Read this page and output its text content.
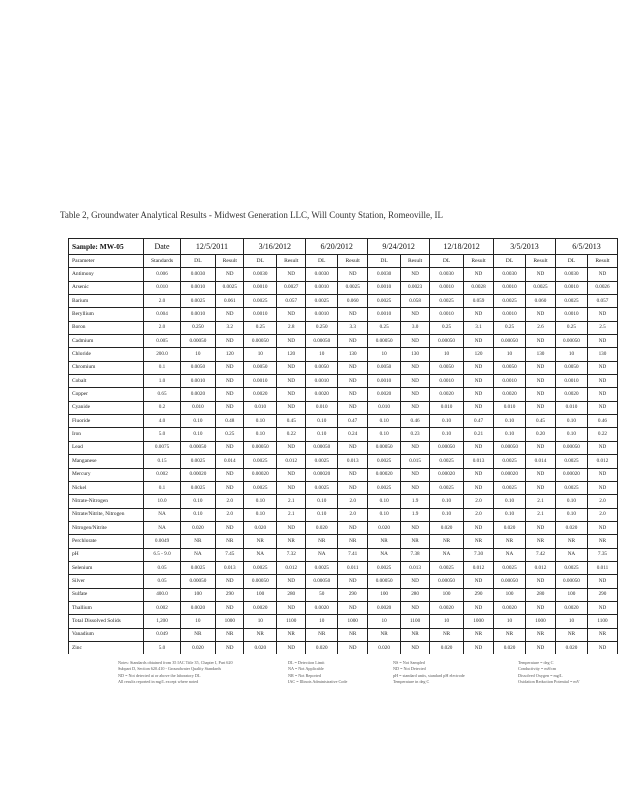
Table 2, Groundwater Analytical Results - Midwest Generation LLC, Will County Station, Romeoville, IL
Sample: MW-05	Date	12/5/2011		3/16/2012		6/20/2012		9/24/2012		12/18/2012		3/5/2013		6/5/2013	
Parameter	Standards	DL	Result	DL	Result	DL	Result	DL	Result	DL	Result	DL	Result	DL	Result
Antimony	0.006	0.0030	ND	0.0030	ND	0.0030	ND	0.0030	ND	0.0030	ND	0.0030	ND	0.0030	ND
Arsenic	0.010	0.0010	0.0025	0.0010	0.0027	0.0010	0.0025	0.0010	0.0023	0.0010	0.0028	0.0010	0.0025	0.0010	0.0026
Barium	2.0	0.0025	0.061	0.0025	0.057	0.0025	0.060	0.0025	0.058	0.0025	0.059	0.0025	0.060	0.0025	0.057
Beryllium	0.004	0.0010	ND	0.0010	ND	0.0010	ND	0.0010	ND	0.0010	ND	0.0010	ND	0.0010	ND
Boron	2.0	0.250	3.2	0.25	2.8	0.250	3.3	0.25	3.0	0.25	3.1	0.25	2.6	0.25	2.5
Cadmium	0.005	0.00050	ND	0.00050	ND	0.00050	ND	0.00050	ND	0.00050	ND	0.00050	ND	0.00050	ND
Chloride	200.0	10	120	10	120	10	130	10	130	10	120	10	130	10	130
Chromium	0.1	0.0050	ND	0.0050	ND	0.0050	ND	0.0050	ND	0.0050	ND	0.0050	ND	0.0050	ND
Cobalt	1.0	0.0010	ND	0.0010	ND	0.0010	ND	0.0010	ND	0.0010	ND	0.0010	ND	0.0010	ND
Copper	0.65	0.0020	ND	0.0020	ND	0.0020	ND	0.0020	ND	0.0020	ND	0.0020	ND	0.0020	ND
Cyanide	0.2	0.010	ND	0.010	ND	0.010	ND	0.010	ND	0.010	ND	0.010	ND	0.010	ND
Fluoride	4.0	0.10	0.48	0.10	0.45	0.10	0.47	0.10	0.46	0.10	0.47	0.10	0.45	0.10	0.46
Iron	5.0	0.10	0.25	0.10	0.22	0.10	0.24	0.10	0.23	0.10	0.21	0.10	0.20	0.10	0.22
Lead	0.0075	0.00050	ND	0.00050	ND	0.00050	ND	0.00050	ND	0.00050	ND	0.00050	ND	0.00050	ND
Manganese	0.15	0.0025	0.014	0.0025	0.012	0.0025	0.013	0.0025	0.015	0.0025	0.013	0.0025	0.014	0.0025	0.012
Mercury	0.002	0.00020	ND	0.00020	ND	0.00020	ND	0.00020	ND	0.00020	ND	0.00020	ND	0.00020	ND
Nickel	0.1	0.0025	ND	0.0025	ND	0.0025	ND	0.0025	ND	0.0025	ND	0.0025	ND	0.0025	ND
Nitrate-Nitrogen	10.0	0.10	2.0	0.10	2.1	0.10	2.0	0.10	1.9	0.10	2.0	0.10	2.1	0.10	2.0
Nitrate/Nitrite, Nitrogen	NA	0.10	2.0	0.10	2.1	0.10	2.0	0.10	1.9	0.10	2.0	0.10	2.1	0.10	2.0
Nitrogen/Nitrite	NA	0.020	ND	0.020	ND	0.020	ND	0.020	ND	0.020	ND	0.020	ND	0.020	ND
Perchlorate	0.0049	NR	NR	NR	NR	NR	NR	NR	NR	NR	NR	NR	NR	NR	NR
pH	6.5 - 9.0	NA	7.45	NA	7.32	NA	7.41	NA	7.38	NA	7.30	NA	7.42	NA	7.35
Selenium	0.05	0.0025	0.013	0.0025	0.012	0.0025	0.011	0.0025	0.013	0.0025	0.012	0.0025	0.012	0.0025	0.011
Silver	0.05	0.00050	ND	0.00050	ND	0.00050	ND	0.00050	ND	0.00050	ND	0.00050	ND	0.00050	ND
Sulfate	400.0	100	290	100	280	50	290	100	280	100	290	100	280	100	290
Thallium	0.002	0.0020	ND	0.0020	ND	0.0020	ND	0.0020	ND	0.0020	ND	0.0020	ND	0.0020	ND
Total Dissolved Solids	1,200	10	1000	10	1100	10	1000	10	1100	10	1000	10	1000	10	1100
Vanadium	0.049	NR	NR	NR	NR	NR	NR	NR	NR	NR	NR	NR	NR	NR	NR
Zinc	5.0	0.020	ND	0.020	ND	0.020	ND	0.020	ND	0.020	ND	0.020	ND	0.020	ND

Notes: Standards obtained from 35 IAC Title 35, Chapter I, Part 620
Subpart D, Section 620.410 - Groundwater Quality Standards
ND = Not detected at or above the laboratory DL
All results reported in mg/L except where noted
DL = Detection Limit
NA = Not Applicable
NR = Not Reported
IAC = Illinois Administrative Code
NS = Not Sampled
ND = Not Detected
pH = standard units, standard pH electrode
Temperature in deg C
Temperature = deg C
Conductivity = mS/cm
Dissolved Oxygen = mg/L
Oxidation Reduction Potential = mV
